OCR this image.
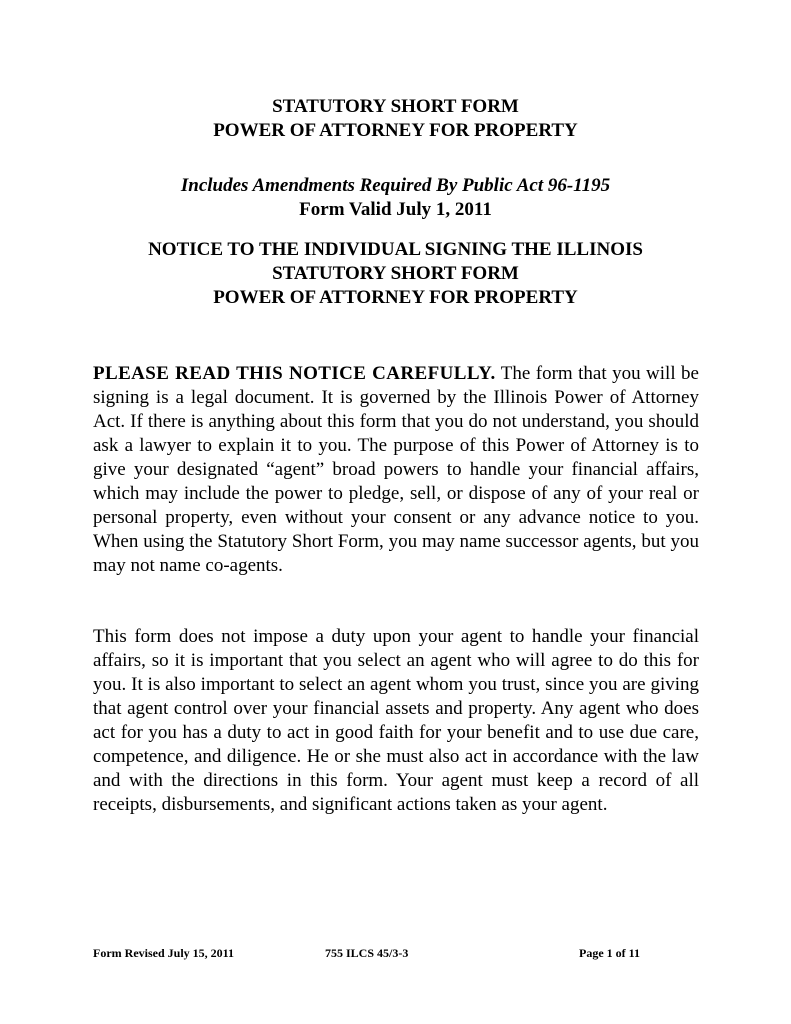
STATUTORY SHORT FORM
POWER OF ATTORNEY FOR PROPERTY
Includes Amendments Required By Public Act 96-1195
Form Valid July 1, 2011
NOTICE TO THE INDIVIDUAL SIGNING THE ILLINOIS
STATUTORY SHORT FORM
POWER OF ATTORNEY FOR PROPERTY

PLEASE READ THIS NOTICE CAREFULLY. The form that you will be signing is a legal document. It is governed by the Illinois Power of Attorney Act. If there is anything about this form that you do not understand, you should ask a lawyer to explain it to you. The purpose of this Power of Attorney is to give your designated “agent” broad powers to handle your financial affairs, which may include the power to pledge, sell, or dispose of any of your real or personal property, even without your consent or any advance notice to you. When using the Statutory Short Form, you may name successor agents, but you may not name co-agents.

This form does not impose a duty upon your agent to handle your financial affairs, so it is important that you select an agent who will agree to do this for you. It is also important to select an agent whom you trust, since you are giving that agent control over your financial assets and property. Any agent who does act for you has a duty to act in good faith for your benefit and to use due care, competence, and diligence. He or she must also act in accordance with the law and with the directions in this form. Your agent must keep a record of all receipts, disbursements, and significant actions taken as your agent.

Form Revised July 15, 2011	755 ILCS 45/3-3	Page 1 of 11
